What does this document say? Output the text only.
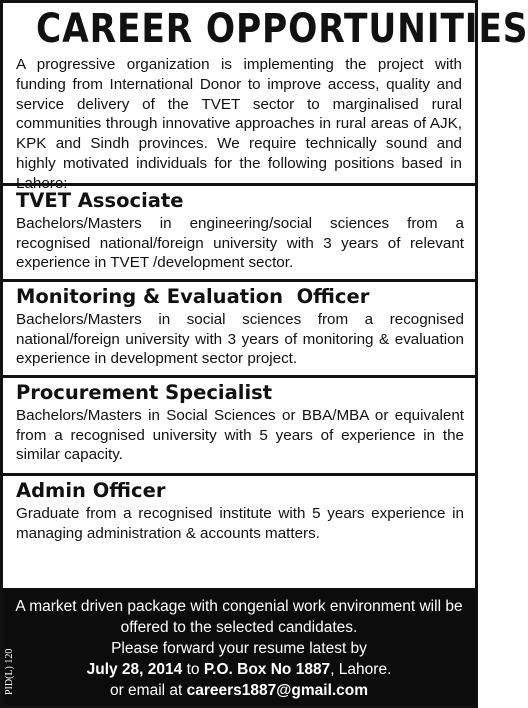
CAREER OPPORTUNITIES

A progressive organization is implementing the project with funding from International Donor to improve access, quality and service delivery of the TVET sector to marginalised rural communities through innovative approaches in rural areas of AJK, KPK and Sindh provinces. We require technically sound and highly motivated individuals for the following positions based in Lahore:

TVET Associate

Bachelors/Masters in engineering/social sciences from a recognised national/foreign university with 3 years of relevant experience in TVET /development sector.

Monitoring & Evaluation  Officer

Bachelors/Masters in social sciences from a recognised national/foreign university with 3 years of monitoring & evaluation experience in development sector project.

Procurement Specialist

Bachelors/Masters in Social Sciences or BBA/MBA or equivalent from a recognised university with 5 years of experience in the similar capacity.

Admin Officer

Graduate from a recognised institute with 5 years experience in managing administration & accounts matters.

A market driven package with congenial work environment will be
offered to the selected candidates.
Please forward your resume latest by
July 28, 2014 to P.O. Box No 1887, Lahore.
or email at careers1887@gmail.com
PID(L) 120
